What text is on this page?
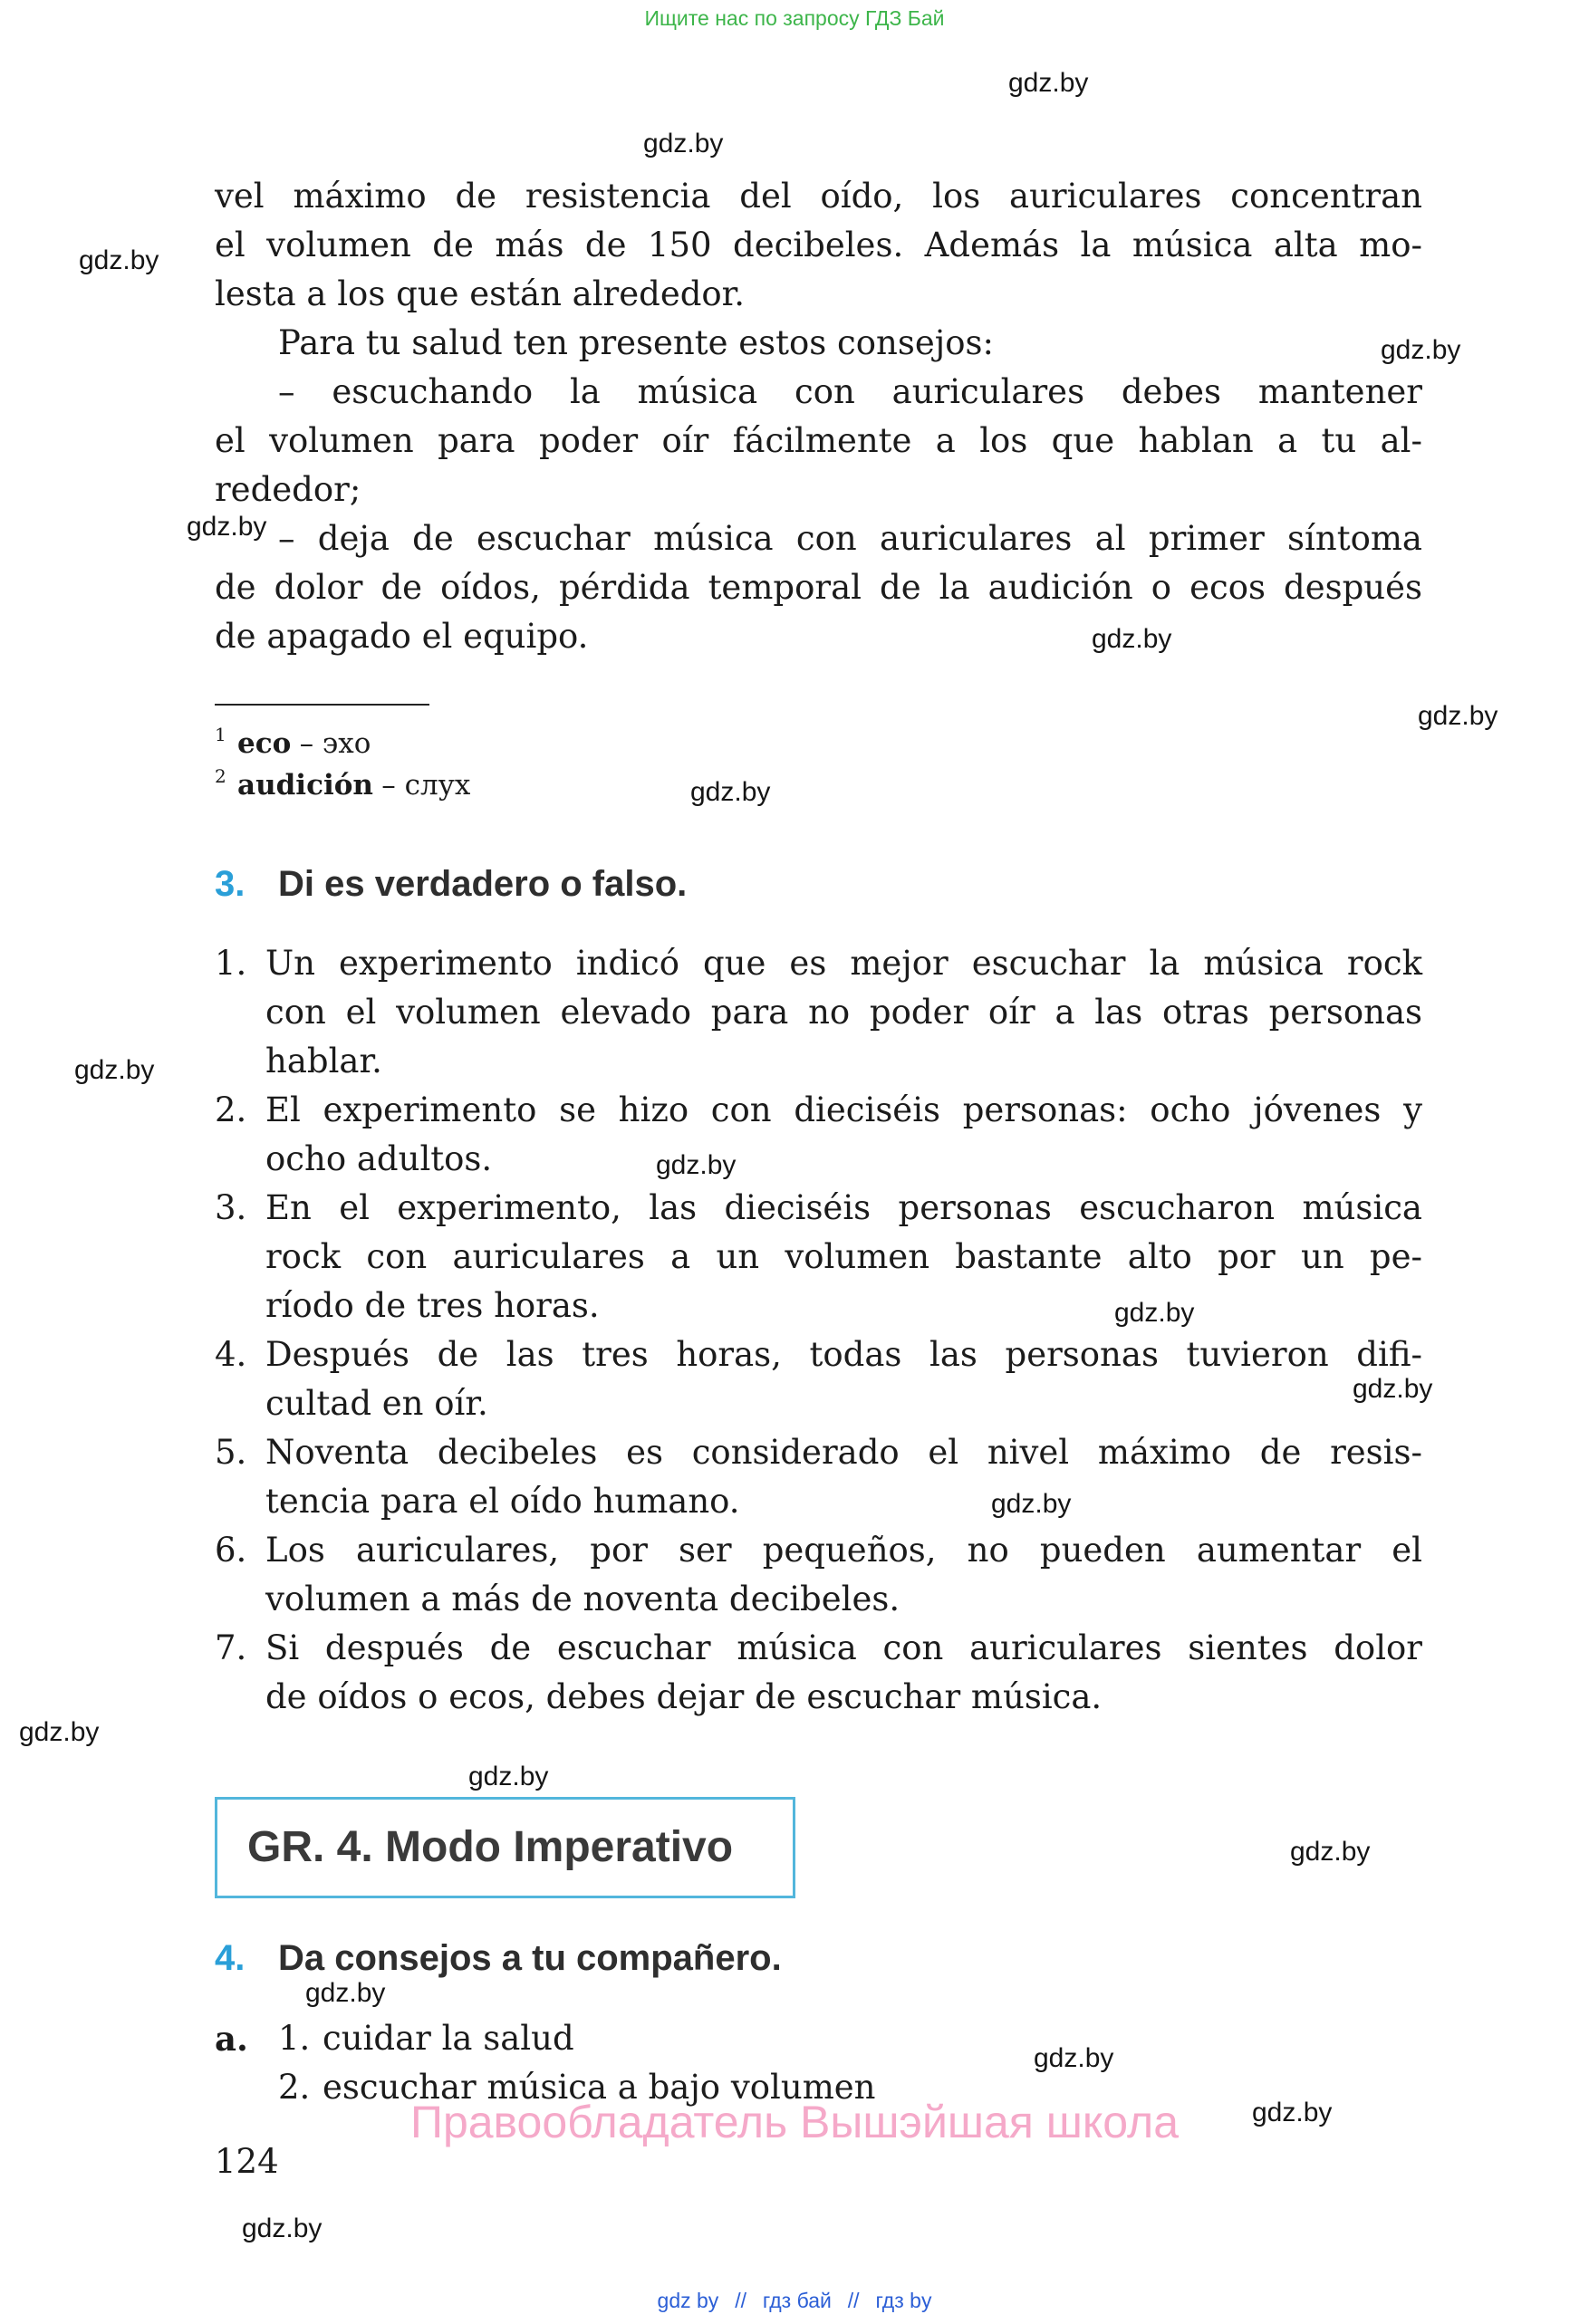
Ищите нас по запросу ГДЗ Бай
gdz.by
gdz.by
gdz.by
gdz.by
gdz.by
gdz.by
gdz.by
gdz.by
gdz.by
gdz.by
gdz.by
gdz.by
gdz.by
gdz.by
gdz.by
gdz.by
gdz.by
gdz.by
gdz.by
gdz.by
vel máximo de resistencia del oído, los auriculares concentran
el volumen de más de 150 decibeles. Además la música alta mo-
lesta a los que están alrededor.
Para tu salud ten presente estos consejos:
– escuchando la música con auriculares debes mantener
el volumen para poder oír fácilmente a los que hablan a tu al-
rededor;
– deja de escuchar música con auriculares al primer síntoma
de dolor de oídos, pérdida temporal de la audición o ecos después
de apagado el equipo.
1 eco – эхо
2 audición – слух
3. Di es verdadero o falso.
1. Un experimento indicó que es mejor escuchar la música rock
con el volumen elevado para no poder oír a las otras personas
hablar.
2. El experimento se hizo con dieciséis personas: ocho jóvenes y
ocho adultos.
3. En el experimento, las dieciséis personas escucharon música
rock con auriculares a un volumen bastante alto por un pe-
ríodo de tres horas.
4. Después de las tres horas, todas las personas tuvieron difi-
cultad en oír.
5. Noventa decibeles es considerado el nivel máximo de resis-
tencia para el oído humano.
6. Los auriculares, por ser pequeños, no pueden aumentar el
volumen a más de noventa decibeles.
7. Si después de escuchar música con auriculares sientes dolor
de oídos o ecos, debes dejar de escuchar música.
GR. 4. Modo Imperativo
4. Da consejos a tu compañero.
a. 1. cuidar la salud
2. escuchar música a bajo volumen
Правообладатель Вышэйшая школа
124
gdz by // гдз бай // гдз by
